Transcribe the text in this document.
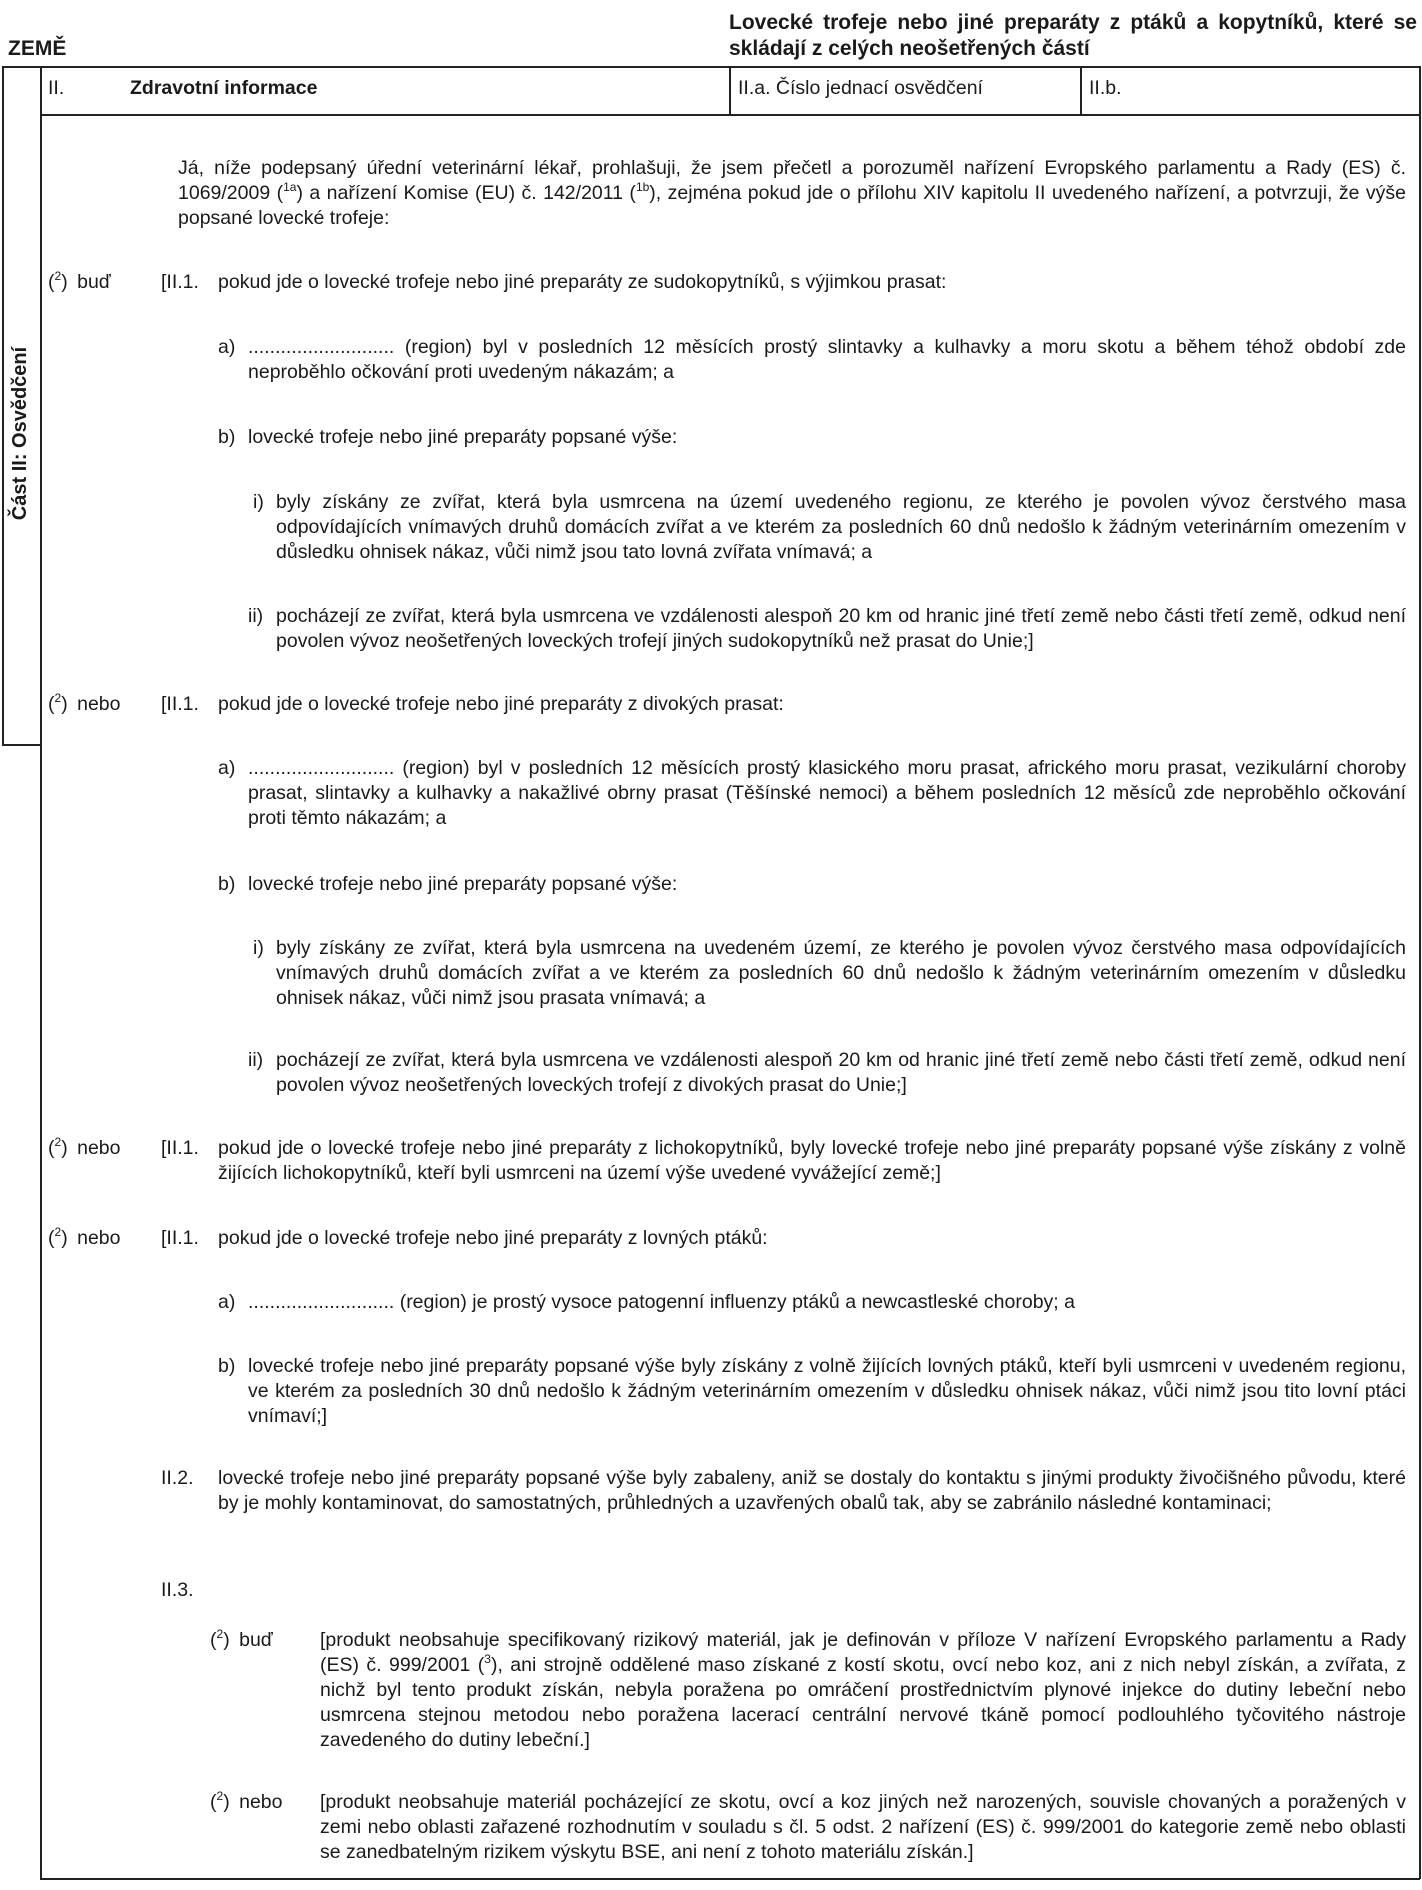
ZEMĚ
Lovecké trofeje nebo jiné preparáty z ptáků a kopytníků, které se
skládají z celých neošetřených částí
II.	Zdravotní informace	II.a. Číslo jednací osvědčení	II.b.
Část II: Osvědčení
Já, níže podepsaný úřední veterinární lékař, prohlašuji, že jsem přečetl a porozuměl nařízení Evropského parlamentu a Rady (ES) č. 1069/2009 ($^{1a}$) a nařízení Komise (EU) č. 142/2011 ($^{1b}$), zejména pokud jde o přílohu XIV kapitolu II uvedeného nařízení, a potvrzuji, že výše popsané lovecké trofeje:
($^2$) buď	[II.1. pokud jde o lovecké trofeje nebo jiné preparáty ze sudokopytníků, s výjimkou prasat:
a) ........................... (region) byl v posledních 12 měsících prostý slintavky a kulhavky a moru skotu a během téhož období zde neproběhlo očkování proti uvedeným nákazám; a
b) lovecké trofeje nebo jiné preparáty popsané výše:
i) byly získány ze zvířat, která byla usmrcena na území uvedeného regionu, ze kterého je povolen vývoz čerstvého masa odpovídajících vnímavých druhů domácích zvířat a ve kterém za posledních 60 dnů nedošlo k žádným veterinárním omezením v důsledku ohnisek nákaz, vůči nimž jsou tato lovná zvířata vnímavá; a
ii) pocházejí ze zvířat, která byla usmrcena ve vzdálenosti alespoň 20 km od hranic jiné třetí země nebo části třetí země, odkud není povolen vývoz neošetřených loveckých trofejí jiných sudokopytníků než prasat do Unie;]
($^2$) nebo [II.1. pokud jde o lovecké trofeje nebo jiné preparáty z divokých prasat:
a) ........................... (region) byl v posledních 12 měsících prostý klasického moru prasat, afrického moru prasat, vezikulární choroby prasat, slintavky a kulhavky a nakažlivé obrny prasat (Těšínské nemoci) a během posledních 12 měsíců zde neproběhlo očkování proti těmto nákazám; a
b) lovecké trofeje nebo jiné preparáty popsané výše:
i) byly získány ze zvířat, která byla usmrcena na uvedeném území, ze kterého je povolen vývoz čerstvého masa odpovídajících vnímavých druhů domácích zvířat a ve kterém za posledních 60 dnů nedošlo k žádným veterinárním omezením v důsledku ohnisek nákaz, vůči nimž jsou prasata vnímavá; a
ii) pocházejí ze zvířat, která byla usmrcena ve vzdálenosti alespoň 20 km od hranic jiné třetí země nebo části třetí země, odkud není povolen vývoz neošetřených loveckých trofejí z divokých prasat do Unie;]
($^2$) nebo [II.1. pokud jde o lovecké trofeje nebo jiné preparáty z lichokopytníků, byly lovecké trofeje nebo jiné preparáty popsané výše získány z volně žijících lichokopytníků, kteří byli usmrceni na území výše uvedené vyvážející země;]
($^2$) nebo [II.1. pokud jde o lovecké trofeje nebo jiné preparáty z lovných ptáků:
a) ........................... (region) je prostý vysoce patogenní influenzy ptáků a newcastleské choroby; a
b) lovecké trofeje nebo jiné preparáty popsané výše byly získány z volně žijících lovných ptáků, kteří byli usmrceni v uvedeném regionu, ve kterém za posledních 30 dnů nedošlo k žádným veterinárním omezením v důsledku ohnisek nákaz, vůči nimž jsou tito lovní ptáci vnímaví;]
II.2. lovecké trofeje nebo jiné preparáty popsané výše byly zabaleny, aniž se dostaly do kontaktu s jinými produkty živočišného původu, které by je mohly kontaminovat, do samostatných, průhledných a uzavřených obalů tak, aby se zabránilo následné kontaminaci;
II.3.
($^2$) buď [produkt neobsahuje specifikovaný rizikový materiál, jak je definován v příloze V nařízení Evropského parlamentu a Rady (ES) č. 999/2001 ($^3$), ani strojně oddělené maso získané z kostí skotu, ovcí nebo koz, ani z nich nebyl získán, a zvířata, z nichž byl tento produkt získán, nebyla poražena po omráčení prostřednictvím plynové injekce do dutiny lebeční nebo usmrcena stejnou metodou nebo poražena lacerací centrální nervové tkáně pomocí podlouhlého tyčovitého nástroje zavedeného do dutiny lebeční.]
($^2$) nebo [produkt neobsahuje materiál pocházející ze skotu, ovcí a koz jiných než narozených, souvisle chovaných a poražených v zemi nebo oblasti zařazené rozhodnutím v souladu s čl. 5 odst. 2 nařízení (ES) č. 999/2001 do kategorie země nebo oblasti se zanedbatelným rizikem výskytu BSE, ani není z tohoto materiálu získán.]
